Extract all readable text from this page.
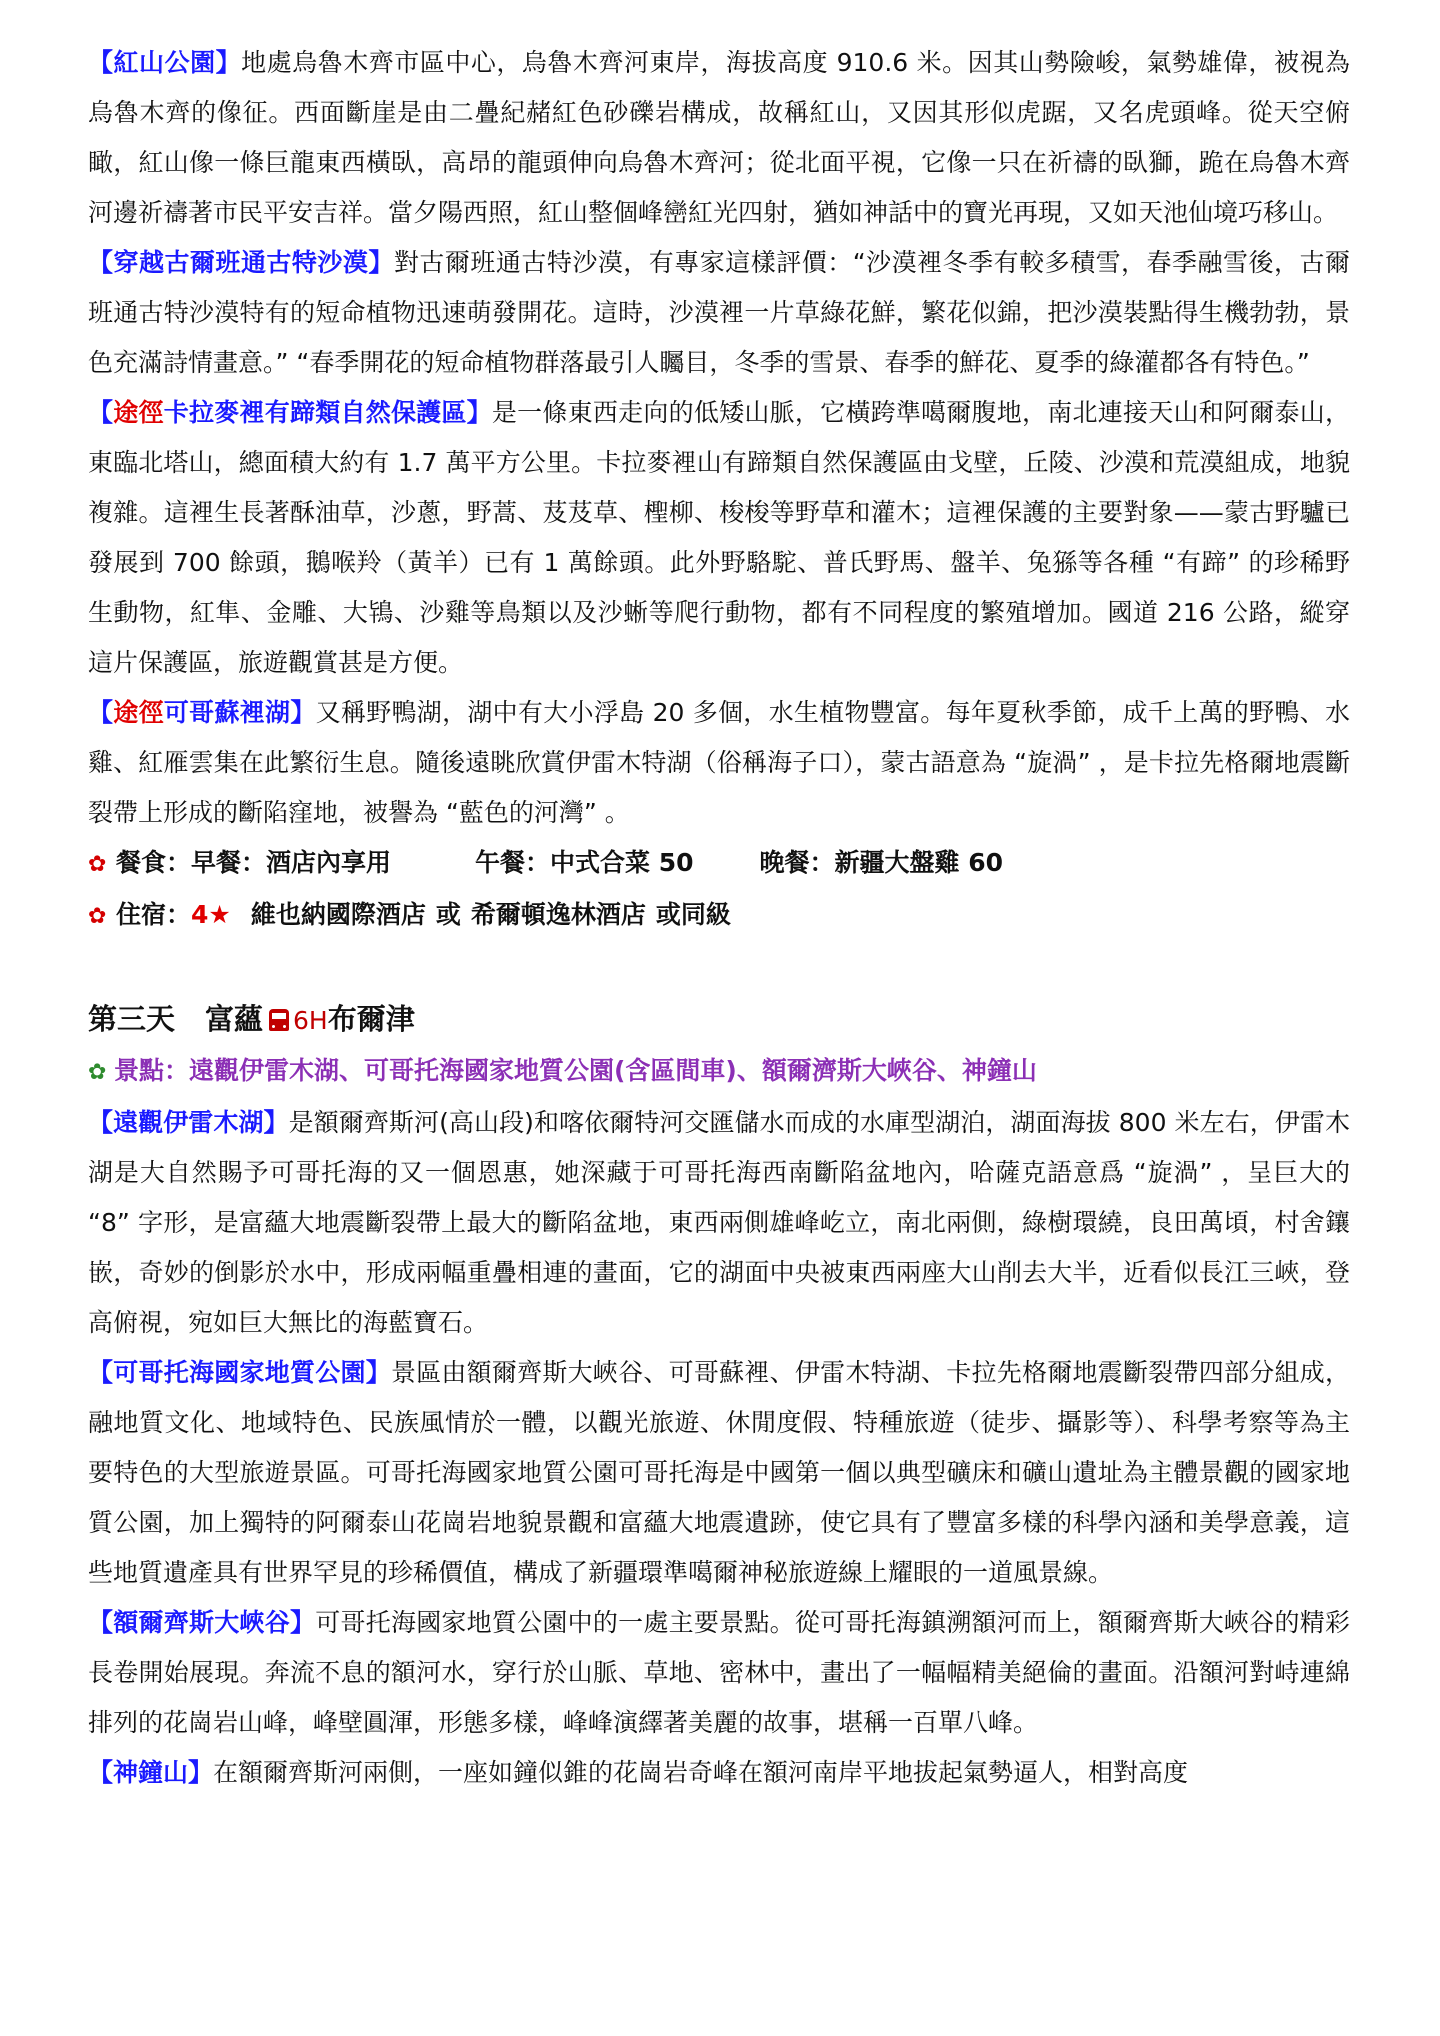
【紅山公園】地處烏魯木齊市區中心，烏魯木齊河東岸，海拔高度 910.6 米。因其山勢險峻，氣勢雄偉，被視為烏魯木齊的像征。西面斷崖是由二疊紀赭紅色砂礫岩構成，故稱紅山，又因其形似虎踞，又名虎頭峰。從天空俯瞰，紅山像一條巨龍東西橫臥，高昂的龍頭伸向烏魯木齊河；從北面平視，它像一只在祈禱的臥獅，跪在烏魯木齊河邊祈禱著市民平安吉祥。當夕陽西照，紅山整個峰巒紅光四射，猶如神話中的寶光再現，又如天池仙境巧移山。

【穿越古爾班通古特沙漠】對古爾班通古特沙漠，有專家這樣評價：“沙漠裡冬季有較多積雪，春季融雪後，古爾班通古特沙漠特有的短命植物迅速萌發開花。這時，沙漠裡一片草綠花鮮，繁花似錦，把沙漠裝點得生機勃勃，景色充滿詩情畫意。” “春季開花的短命植物群落最引人矚目，冬季的雪景、春季的鮮花、夏季的綠灌都各有特色。”

【途徑卡拉麥裡有蹄類自然保護區】是一條東西走向的低矮山脈，它橫跨準噶爾腹地，南北連接天山和阿爾泰山，東臨北塔山，總面積大約有 1.7 萬平方公里。卡拉麥裡山有蹄類自然保護區由戈壁，丘陵、沙漠和荒漠組成，地貌複雜。這裡生長著酥油草，沙蔥，野蒿、芨芨草、檉柳、梭梭等野草和灌木；這裡保護的主要對象——蒙古野驢已發展到 700 餘頭，鵝喉羚（黃羊）已有 1 萬餘頭。此外野駱駝、普氏野馬、盤羊、兔猻等各種 “有蹄” 的珍稀野生動物，紅隼、金雕、大鴇、沙雞等鳥類以及沙蜥等爬行動物，都有不同程度的繁殖增加。國道 216 公路，縱穿這片保護區，旅遊觀賞甚是方便。

【途徑可哥蘇裡湖】又稱野鴨湖，湖中有大小浮島 20 多個，水生植物豐富。每年夏秋季節，成千上萬的野鴨、水雞、紅雁雲集在此繁衍生息。隨後遠眺欣賞伊雷木特湖（俗稱海子口），蒙古語意為 “旋渦” ，是卡拉先格爾地震斷裂帶上形成的斷陷窪地，被譽為 “藍色的河灣” 。

✿ 餐食：早餐：酒店內享用	午餐：中式合菜 50	晚餐：新疆大盤雞 60
✿ 住宿：4★ 維也納國際酒店 或 希爾頓逸林酒店 或同級
第三天 富蘊 6H布爾津
✿ 景點：遠觀伊雷木湖、可哥托海國家地質公園(含區間車)、額爾濟斯大峽谷、神鐘山

【遠觀伊雷木湖】是額爾齊斯河(高山段)和喀依爾特河交匯儲水而成的水庫型湖泊，湖面海拔 800 米左右，伊雷木湖是大自然賜予可哥托海的又一個恩惠，她深藏于可哥托海西南斷陷盆地內，哈薩克語意爲 “旋渦” ，呈巨大的 “8” 字形，是富蘊大地震斷裂帶上最大的斷陷盆地，東西兩側雄峰屹立，南北兩側，綠樹環繞，良田萬頃，村舍鑲嵌，奇妙的倒影於水中，形成兩幅重疊相連的畫面，它的湖面中央被東西兩座大山削去大半，近看似長江三峽，登高俯視，宛如巨大無比的海藍寶石。

【可哥托海國家地質公園】景區由額爾齊斯大峽谷、可哥蘇裡、伊雷木特湖、卡拉先格爾地震斷裂帶四部分組成，融地質文化、地域特色、民族風情於一體，以觀光旅遊、休閒度假、特種旅遊（徒步、攝影等）、科學考察等為主要特色的大型旅遊景區。可哥托海國家地質公園可哥托海是中國第一個以典型礦床和礦山遺址為主體景觀的國家地質公園，加上獨特的阿爾泰山花崗岩地貌景觀和富蘊大地震遺跡，使它具有了豐富多樣的科學內涵和美學意義，這些地質遺產具有世界罕見的珍稀價值，構成了新疆環準噶爾神秘旅遊線上耀眼的一道風景線。

【額爾齊斯大峽谷】可哥托海國家地質公園中的一處主要景點。從可哥托海鎮溯額河而上，額爾齊斯大峽谷的精彩長卷開始展現。奔流不息的額河水，穿行於山脈、草地、密林中，畫出了一幅幅精美絕倫的畫面。沿額河對峙連綿排列的花崗岩山峰，峰壁圓渾，形態多樣，峰峰演繹著美麗的故事，堪稱一百單八峰。

【神鐘山】在額爾齊斯河兩側，一座如鐘似錐的花崗岩奇峰在額河南岸平地拔起氣勢逼人，相對高度
